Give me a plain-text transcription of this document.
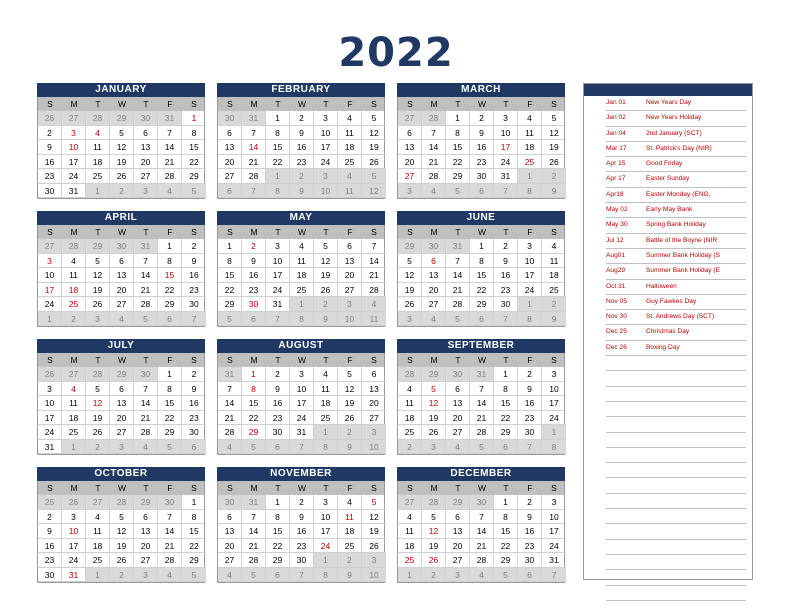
2022
JANUARY
S	M	T	W	T	F	S
26	27	28	29	30	31	1
2	3	4	5	6	7	8
9	10	11	12	13	14	15
16	17	18	19	20	21	22
23	24	25	26	27	28	29
30	31	1	2	3	4	5
FEBRUARY
S	M	T	W	T	F	S
30	31	1	2	3	4	5
6	7	8	9	10	11	12
13	14	15	16	17	18	19
20	21	22	23	24	25	26
27	28	1	2	3	4	5
6	7	8	9	10	11	12
MARCH
S	M	T	W	T	F	S
27	28	1	2	3	4	5
6	7	8	9	10	11	12
13	14	15	16	17	18	19
20	21	22	23	24	25	26
27	28	29	30	31	1	2
3	4	5	6	7	8	9
APRIL
S	M	T	W	T	F	S
27	28	29	30	31	1	2
3	4	5	6	7	8	9
10	11	12	13	14	15	16
17	18	19	20	21	22	23
24	25	26	27	28	29	30
1	2	3	4	5	6	7
MAY
S	M	T	W	T	F	S
1	2	3	4	5	6	7
8	9	10	11	12	13	14
15	16	17	18	19	20	21
22	23	24	25	26	27	28
29	30	31	1	2	3	4
5	6	7	8	9	10	11
JUNE
S	M	T	W	T	F	S
29	30	31	1	2	3	4
5	6	7	8	9	10	11
12	13	14	15	16	17	18
19	20	21	22	23	24	25
26	27	28	29	30	1	2
3	4	5	6	7	8	9
JULY
S	M	T	W	T	F	S
26	27	28	29	30	1	2
3	4	5	6	7	8	9
10	11	12	13	14	15	16
17	18	19	20	21	22	23
24	25	26	27	28	29	30
31	1	2	3	4	5	6
AUGUST
S	M	T	W	T	F	S
31	1	2	3	4	5	6
7	8	9	10	11	12	13
14	15	16	17	18	19	20
21	22	23	24	25	26	27
28	29	30	31	1	2	3
4	5	6	7	8	9	10
SEPTEMBER
S	M	T	W	T	F	S
28	29	30	31	1	2	3
4	5	6	7	8	9	10
11	12	13	14	15	16	17
18	19	20	21	22	23	24
25	26	27	28	29	30	1
2	3	4	5	6	7	8
OCTOBER
S	M	T	W	T	F	S
25	26	27	28	29	30	1
2	3	4	5	6	7	8
9	10	11	12	13	14	15
16	17	18	19	20	21	22
23	24	25	26	27	28	29
30	31	1	2	3	4	5
NOVEMBER
S	M	T	W	T	F	S
30	31	1	2	3	4	5
6	7	8	9	10	11	12
13	14	15	16	17	18	19
20	21	22	23	24	25	26
27	28	29	30	1	2	3
4	5	6	7	8	9	10
DECEMBER
S	M	T	W	T	F	S
27	28	29	30	1	2	3
4	5	6	7	8	9	10
11	12	13	14	15	16	17
18	19	20	21	22	23	24
25	26	27	28	29	30	31
1	2	3	4	5	6	7
Jan 01	New Years Day
Jan 02	New Years Holiday
Jan 04	2nd January (SCT)
Mar 17	St. Patrick's Day (NIR)
Apr 15	Good Friday
Apr 17	Easter Sunday
Apr18	Easter Monday (ENG,
May 02	Early May Bank
May 30	Spring Bank Holiday
Jul 12	Battle of the Boyne (NIR
Aug01	Summer Bank Holiday (S
Aug29	Summer Bank Holiday (E
Oct 31	Halloween
Nov 05	Guy Fawkes Day
Nov 30	St. Andrews Day (SCT)
Dec 25	Christmas Day
Dec 26	Boxing Day
